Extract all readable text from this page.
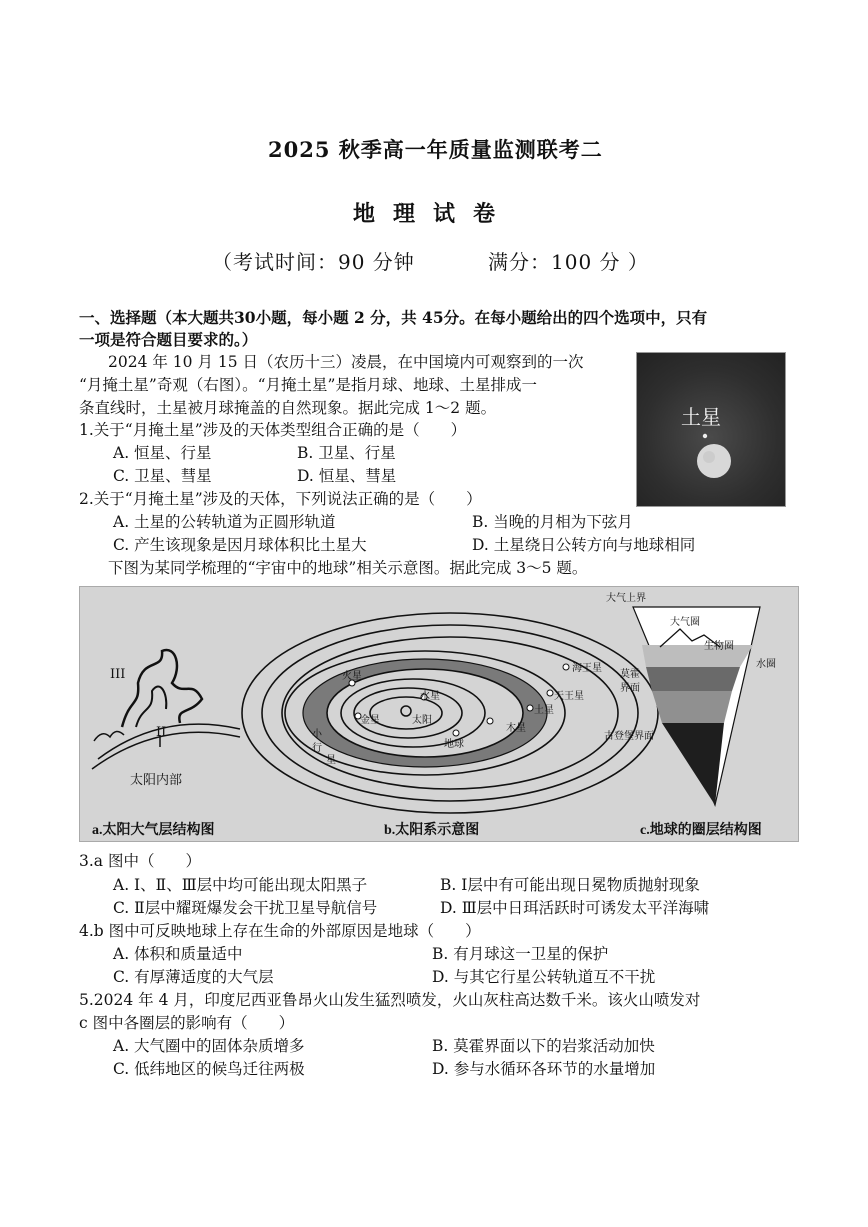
2025 秋季高一年质量监测联考二
地理试卷
（考试时间：90 分钟	满分：100 分 ）
一、选择题（本大题共30小题，每小题 2 分，共 45分。在每小题给出的四个选项中，只有
一项是符合题目要求的。）
2024 年 10 月 15 日（农历十三）凌晨，在中国境内可观察到的一次
“月掩土星”奇观（右图）。“月掩土星”是指月球、地球、土星排成一
条直线时，土星被月球掩盖的自然现象。据此完成 1～2 题。	土星
1.关于“月掩土星”涉及的天体类型组合正确的是（　　）
A. 恒星、行星	B. 卫星、行星
C. 卫星、彗星	D. 恒星、彗星
2.关于“月掩土星”涉及的天体，下列说法正确的是（　　）
A. 土星的公转轨道为正圆形轨道	B. 当晚的月相为下弦月
C. 产生该现象是因月球体积比土星大	D. 土星绕日公转方向与地球相同
下图为某同学梳理的“宇宙中的地球”相关示意图。据此完成 3～5 题。
III
II
太阳内部
太阳
水星
金星
地球
火星
木星
土星
天王星
海王星
小
行
星
大气上界
大气圈
生物圈
水圈
莫霍
界面
古登堡界面
a.太阳大气层结构图	b.太阳系示意图	c.地球的圈层结构图
3.a 图中（　　）
A. Ⅰ、Ⅱ、Ⅲ层中均可能出现太阳黑子	B. Ⅰ层中有可能出现日冕物质抛射现象
C. Ⅱ层中耀斑爆发会干扰卫星导航信号	D. Ⅲ层中日珥活跃时可诱发太平洋海啸
4.b 图中可反映地球上存在生命的外部原因是地球（　　）
A. 体积和质量适中	B. 有月球这一卫星的保护
C. 有厚薄适度的大气层	D. 与其它行星公转轨道互不干扰
5.2024 年 4 月，印度尼西亚鲁昂火山发生猛烈喷发，火山灰柱高达数千米。该火山喷发对
c 图中各圈层的影响有（　　）
A. 大气圈中的固体杂质增多	B. 莫霍界面以下的岩浆活动加快
C. 低纬地区的候鸟迁往两极	D. 参与水循环各环节的水量增加
